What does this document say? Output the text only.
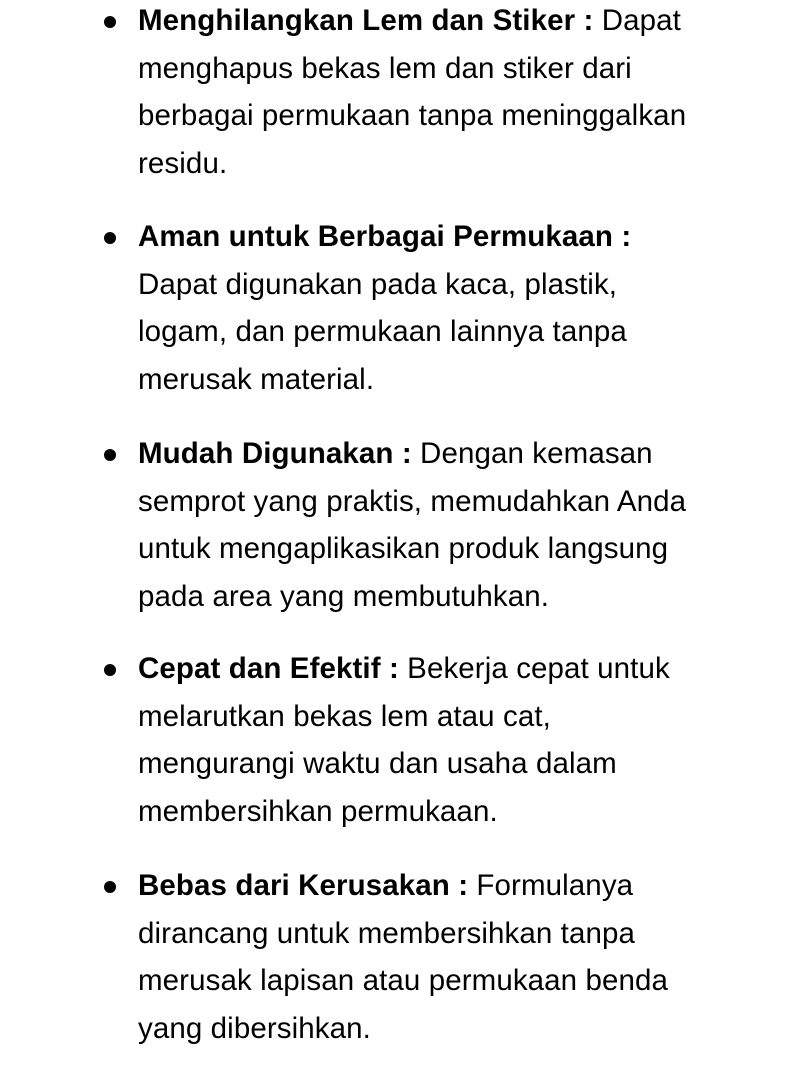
Menghilangkan Lem dan Stiker : Dapat
menghapus bekas lem dan stiker dari
berbagai permukaan tanpa meninggalkan
residu.
Aman untuk Berbagai Permukaan :
Dapat digunakan pada kaca, plastik,
logam, dan permukaan lainnya tanpa
merusak material.
Mudah Digunakan : Dengan kemasan
semprot yang praktis, memudahkan Anda
untuk mengaplikasikan produk langsung
pada area yang membutuhkan.
Cepat dan Efektif : Bekerja cepat untuk
melarutkan bekas lem atau cat,
mengurangi waktu dan usaha dalam
membersihkan permukaan.
Bebas dari Kerusakan : Formulanya
dirancang untuk membersihkan tanpa
merusak lapisan atau permukaan benda
yang dibersihkan.
